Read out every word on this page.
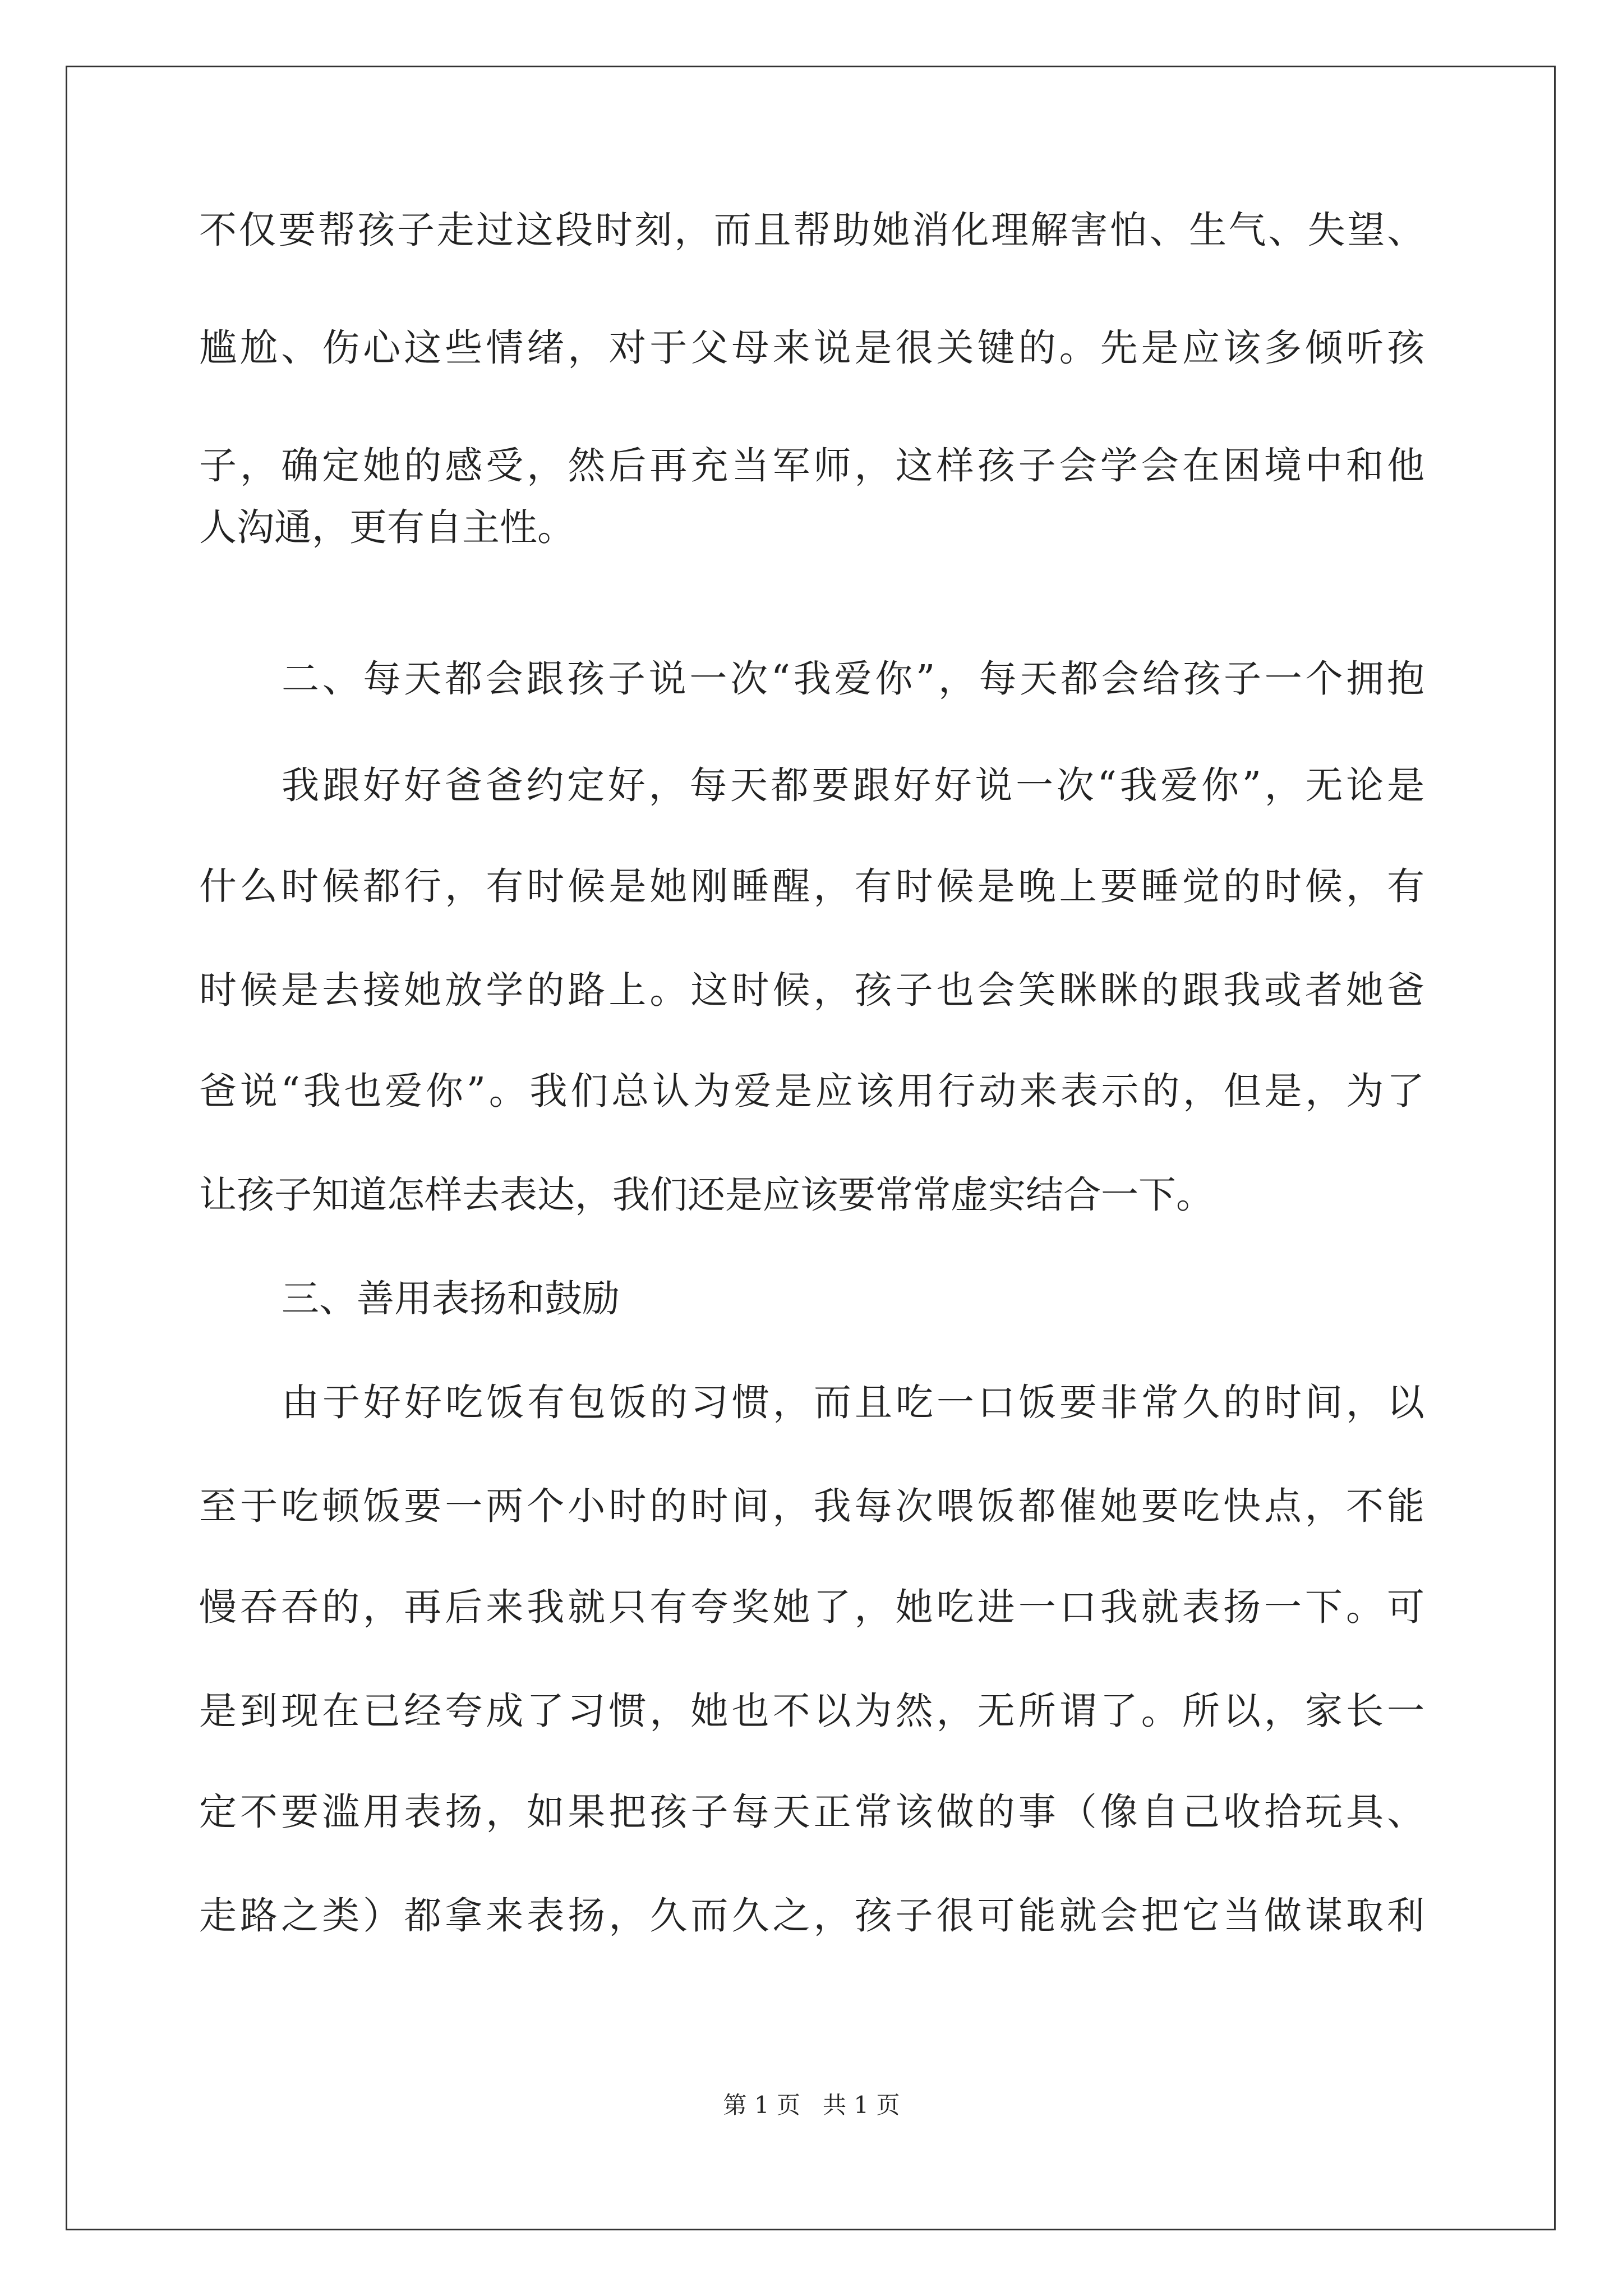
不仅要帮孩子走过这段时刻，而且帮助她消化理解害怕、生气、失望、

尴尬、伤心这些情绪，对于父母来说是很关键的。先是应该多倾听孩

子，确定她的感受，然后再充当军师，这样孩子会学会在困境中和他

人沟通，更有自主性。

二、每天都会跟孩子说一次“我爱你”，每天都会给孩子一个拥抱

我跟好好爸爸约定好，每天都要跟好好说一次“我爱你”，无论是

什么时候都行，有时候是她刚睡醒，有时候是晚上要睡觉的时候，有

时候是去接她放学的路上。这时候，孩子也会笑眯眯的跟我或者她爸

爸说“我也爱你”。我们总认为爱是应该用行动来表示的，但是，为了

让孩子知道怎样去表达，我们还是应该要常常虚实结合一下。

三、善用表扬和鼓励

由于好好吃饭有包饭的习惯，而且吃一口饭要非常久的时间，以

至于吃顿饭要一两个小时的时间，我每次喂饭都催她要吃快点，不能

慢吞吞的，再后来我就只有夸奖她了，她吃进一口我就表扬一下。可

是到现在已经夸成了习惯，她也不以为然，无所谓了。所以，家长一

定不要滥用表扬，如果把孩子每天正常该做的事（像自己收拾玩具、

走路之类）都拿来表扬，久而久之，孩子很可能就会把它当做谋取利

第 1 页   共 1 页
